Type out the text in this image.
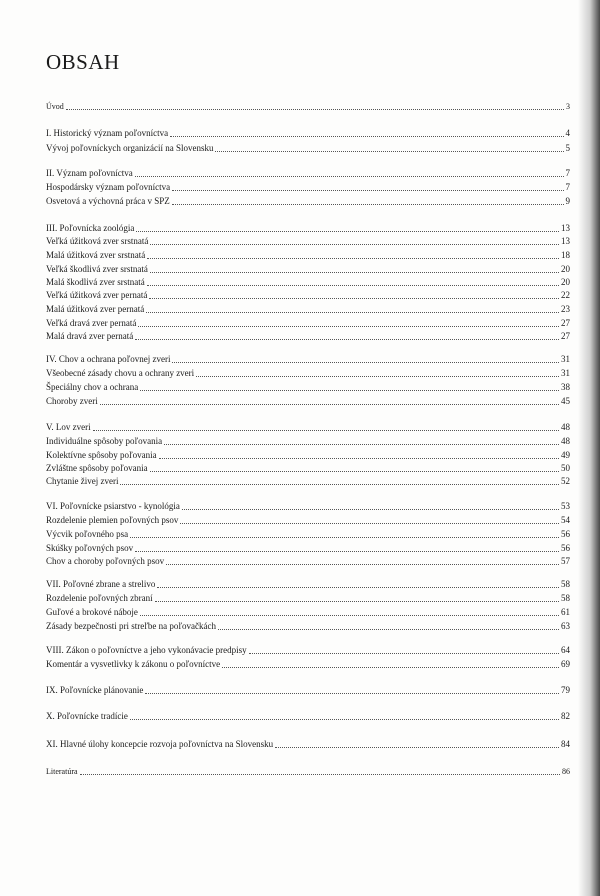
OBSAH
Úvod	3
I. Historický význam poľovníctva	4
Vývoj poľovníckych organizácií na Slovensku	5
II. Význam poľovníctva	7
Hospodársky význam poľovníctva	7
Osvetová a výchovná práca v SPZ	9
III. Poľovnícka zoológia	13
Veľká úžitková zver srstnatá	13
Malá úžitková zver srstnatá	18
Veľká škodlivá zver srstnatá	20
Malá škodlivá zver srstnatá	20
Veľká úžitková zver pernatá	22
Malá úžitková zver pernatá	23
Veľká dravá zver pernatá	27
Malá dravá zver pernatá	27
IV. Chov a ochrana poľovnej zveri	31
Všeobecné zásady chovu a ochrany zveri	31
Špeciálny chov a ochrana	38
Choroby zveri	45
V. Lov zveri	48
Individuálne spôsoby poľovania	48
Kolektívne spôsoby poľovania	49
Zvláštne spôsoby poľovania	50
Chytanie živej zveri	52
VI. Poľovnícke psiarstvo - kynológia	53
Rozdelenie plemien poľovných psov	54
Výcvik poľovného psa	56
Skúšky poľovných psov	56
Chov a choroby poľovných psov	57
VII. Poľovné zbrane a strelivo	58
Rozdelenie poľovných zbraní	58
Guľové a brokové náboje	61
Zásady bezpečnosti pri streľbe na poľovačkách	63
VIII. Zákon o poľovníctve a jeho vykonávacie predpisy	64
Komentár a vysvetlivky k zákonu o poľovníctve	69
IX. Poľovnícke plánovanie	79
X. Poľovnícke tradície	82
XI. Hlavné úlohy koncepcie rozvoja poľovníctva na Slovensku	84
Literatúra	86
